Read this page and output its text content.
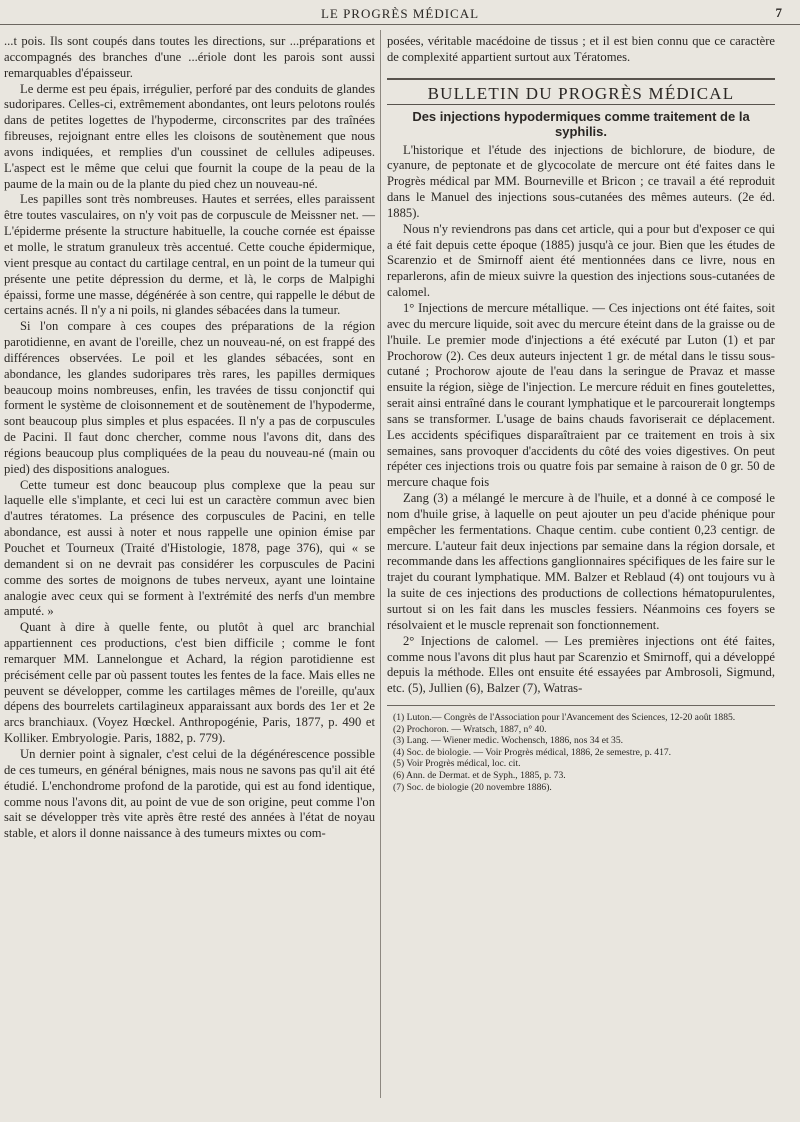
LE PROGRÈS MÉDICAL	7

...t pois. Ils sont coupés dans toutes les directions, sur ...préparations et accompagnés des branches d'une ...ériole dont les parois sont aussi remarquables d'épaisseur.

Le derme est peu épais, irrégulier, perforé par des conduits de glandes sudoripares. Celles-ci, extrêmement abondantes, ont leurs pelotons roulés dans de petites logettes de l'hypoderme, circonscrites par des traînées fibreuses, rejoignant entre elles les cloisons de soutènement que nous avons indiquées, et remplies d'un coussinet de cellules adipeuses. L'aspect est le même que celui que fournit la coupe de la peau de la paume de la main ou de la plante du pied chez un nouveau-né.

Les papilles sont très nombreuses. Hautes et serrées, elles paraissent être toutes vasculaires, on n'y voit pas de corpuscule de Meissner net. — L'épiderme présente la structure habituelle, la couche cornée est épaisse et molle, le stratum granuleux très accentué. Cette couche épidermique, vient presque au contact du cartilage central, en un point de la tumeur qui présente une petite dépression du derme, et là, le corps de Malpighi épaissi, forme une masse, dégénérée à son centre, qui rappelle le début de certains acnés. Il n'y a ni poils, ni glandes sébacées dans la tumeur.

Si l'on compare à ces coupes des préparations de la région parotidienne, en avant de l'oreille, chez un nouveau-né, on est frappé des différences observées. Le poil et les glandes sébacées, sont en abondance, les glandes sudoripares très rares, les papilles dermiques beaucoup moins nombreuses, enfin, les travées de tissu conjonctif qui forment le système de cloisonnement et de soutènement de l'hypoderme, sont beaucoup plus simples et plus espacées. Il n'y a pas de corpuscules de Pacini. Il faut donc chercher, comme nous l'avons dit, dans des régions beaucoup plus compliquées de la peau du nouveau-né (main ou pied) des dispositions analogues.

Cette tumeur est donc beaucoup plus complexe que la peau sur laquelle elle s'implante, et ceci lui est un caractère commun avec bien d'autres tératomes. La présence des corpuscules de Pacini, en telle abondance, est aussi à noter et nous rappelle une opinion émise par Pouchet et Tourneux (Traité d'Histologie, 1878, page 376), qui « se demandent si on ne devrait pas considérer les corpuscules de Pacini comme des sortes de moignons de tubes nerveux, ayant une lointaine analogie avec ceux qui se forment à l'extrémité des nerfs d'un membre amputé. »

Quant à dire à quelle fente, ou plutôt à quel arc branchial appartiennent ces productions, c'est bien difficile ; comme le font remarquer MM. Lannelongue et Achard, la région parotidienne est précisément celle par où passent toutes les fentes de la face. Mais elles ne peuvent se développer, comme les cartilages mêmes de l'oreille, qu'aux dépens des bourrelets cartilagineux apparaissant aux bords des 1er et 2e arcs branchiaux. (Voyez Hœckel. Anthropogénie, Paris, 1877, p. 490 et Kolliker. Embryologie. Paris, 1882, p. 779).

Un dernier point à signaler, c'est celui de la dégénérescence possible de ces tumeurs, en général bénignes, mais nous ne savons pas qu'il ait été étudié. L'enchondrome profond de la parotide, qui est au fond identique, comme nous l'avons dit, au point de vue de son origine, peut comme l'on sait se développer très vite après être resté des années à l'état de noyau stable, et alors il donne naissance à des tumeurs mixtes ou com-

posées, véritable macédoine de tissus ; et il est bien connu que ce caractère de complexité appartient surtout aux Tératomes.

BULLETIN DU PROGRÈS MÉDICAL
Des injections hypodermiques comme traitement de la syphilis.

L'historique et l'étude des injections de bichlorure, de biodure, de cyanure, de peptonate et de glycocolate de mercure ont été faites dans le Progrès médical par MM. Bourneville et Bricon ; ce travail a été reproduit dans le Manuel des injections sous-cutanées des mêmes auteurs. (2e éd. 1885).

Nous n'y reviendrons pas dans cet article, qui a pour but d'exposer ce qui a été fait depuis cette époque (1885) jusqu'à ce jour. Bien que les études de Scarenzio et de Smirnoff aient été mentionnées dans ce livre, nous en reparlerons, afin de mieux suivre la question des injections sous-cutanées de calomel.

1° Injections de mercure métallique. — Ces injections ont été faites, soit avec du mercure liquide, soit avec du mercure éteint dans de la graisse ou de l'huile. Le premier mode d'injections a été exécuté par Luton (1) et par Prochorow (2). Ces deux auteurs injectent 1 gr. de métal dans le tissu sous-cutané ; Prochorow ajoute de l'eau dans la seringue de Pravaz et masse ensuite la région, siège de l'injection. Le mercure réduit en fines goutelettes, serait ainsi entraîné dans le courant lymphatique et le parcourerait longtemps sans se transformer. L'usage de bains chauds favoriserait ce déplacement. Les accidents spécifiques disparaîtraient par ce traitement en trois à six semaines, sans provoquer d'accidents du côté des voies digestives. On peut répéter ces injections trois ou quatre fois par semaine à raison de 0 gr. 50 de mercure chaque fois

Zang (3) a mélangé le mercure à de l'huile, et a donné à ce composé le nom d'huile grise, à laquelle on peut ajouter un peu d'acide phénique pour empêcher les fermentations. Chaque centim. cube contient 0,23 centigr. de mercure. L'auteur fait deux injections par semaine dans la région dorsale, et recommande dans les affections ganglionnaires spécifiques de les faire sur le trajet du courant lymphatique. MM. Balzer et Reblaud (4) ont toujours vu à la suite de ces injections des productions de collections hématopurulentes, surtout si on les fait dans les muscles fessiers. Néanmoins ces foyers se résolvaient et le muscle reprenait son fonctionnement.

2° Injections de calomel. — Les premières injections ont été faites, comme nous l'avons dit plus haut par Scarenzio et Smirnoff, qui a développé depuis la méthode. Elles ont ensuite été essayées par Ambrosoli, Sigmund, etc. (5), Jullien (6), Balzer (7), Watras-

(1) Luton.— Congrès de l'Association pour l'Avancement des Sciences, 12-20 août 1885.
(2) Prochoron. — Wratsch, 1887, n° 40.
(3) Lang. — Wiener medic. Wochensch, 1886, nos 34 et 35.
(4) Soc. de biologie. — Voir Progrès médical, 1886, 2e semestre, p. 417.
(5) Voir Progrès médical, loc. cit.
(6) Ann. de Dermat. et de Syph., 1885, p. 73.
(7) Soc. de biologie (20 novembre 1886).
